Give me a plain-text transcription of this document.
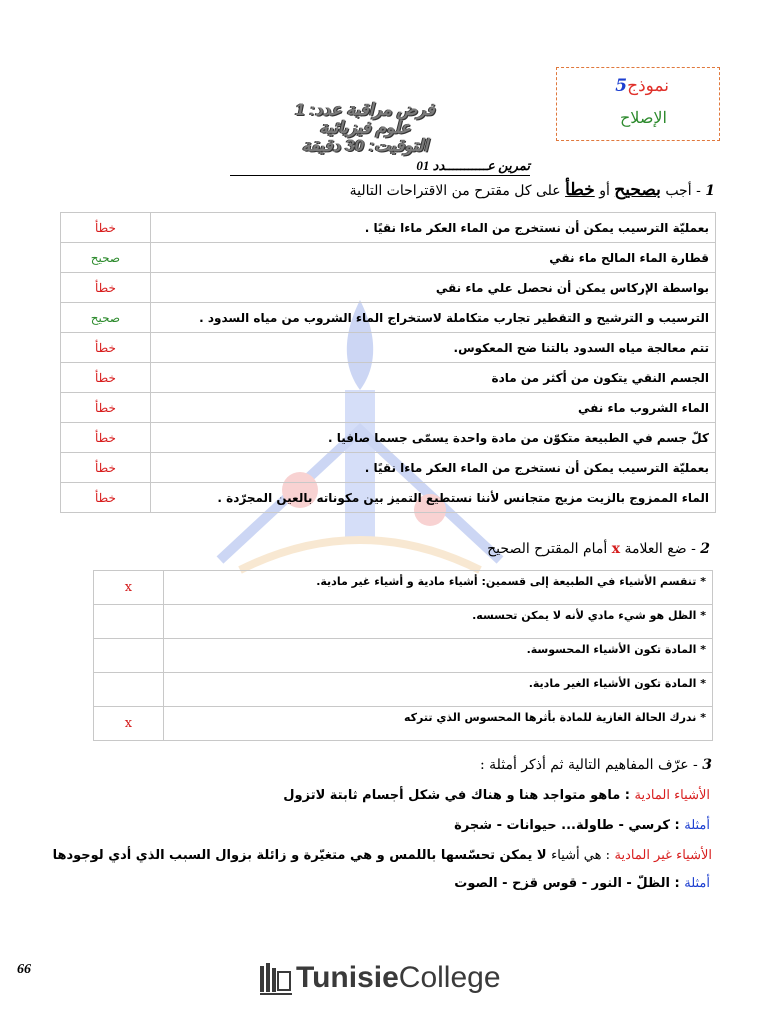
نموذج5
الإصلاح
فرض مراقبة عدد: 1
علوم فيزيائية
التوقيت: 30 دقيقة
تمرين عـــــــــــدد 01
1 - أجب بصحيح أو خطأ على كل مقترح من الاقتراحات التالية
بعمليّة الترسيب يمكن أن نستخرج من الماء العكر ماءا نقيًا .	خطأ
قطارة الماء المالح ماء نقي	صحيح
بواسطة الإركاس يمكن أن نحصل علي ماء نقي	خطأ
الترسيب و الترشيح و التقطير تجارب متكاملة لاستخراج الماء الشروب من مياه السدود .	صحيح
تتم معالجة مياه السدود بالتنا ضح المعكوس.	خطأ
الجسم النقي يتكون من أكثر من مادة	خطأ
الماء الشروب ماء نفي	خطأ
كلّ جسم في الطبيعة متكوّن من مادة واحدة يسمّى جسما صافيا .	خطأ
بعمليّة الترسيب يمكن أن نستخرج من الماء العكر ماءا نقيًا .	خطأ
الماء الممزوج بالزيت مزيج متجانس لأننا نستطيع التميز بين مكوناته بالعين المجرّدة .	خطأ
2 - ضع العلامة x أمام المقترح الصحيح
* تنقسم الأشياء في الطبيعة إلى قسمين: أشياء مادية و أشياء غير مادية.	x
* الظل هو شيء مادي لأنه لا يمكن تحسسه.	
* المادة تكون الأشياء المحسوسة.	
* المادة تكون الأشياء الغير مادية.	
* ندرك الحالة الغازية للمادة بأثرها المحسوس الذي تتركه	x
3 - عرّف المفاهيم التالية ثم أذكر أمثلة :
الأشياء المادية : ماهو متواجد هنا و هناك في شكل أجسام ثابتة لاتزول
أمثلة : كرسي - طاولة... حيوانات - شجرة
الأشياء غير المادية : هي أشياء لا يمكن تحسّسها باللمس و هي متغيّرة و زائلة بزوال السبب الذي أدي لوجودها
أمثلة : الظلّ - النور - قوس قزح - الصوت
66	TunisieCollege
